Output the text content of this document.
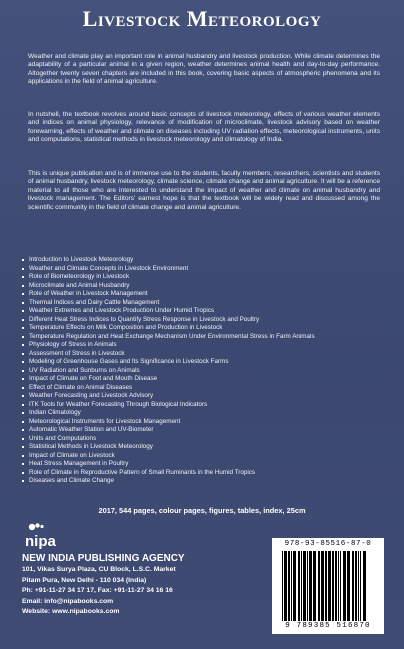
Livestock Meteorology

Weather and climate play an important role in animal husbandry and livestock production. While climate determines the adaptability of a particular animal in a given region, weather determines animal health and day-to-day performance. Altogether twenty seven chapters are included in this book, covering basic aspects of atmospheric phenomena and its applications in the field of animal agriculture.

In nutshell, the textbook revolves around basic concepts of livestock meteorology, effects of various weather elements and indices on animal physiology, relevance of modification of microclimate, livestock advisory based on weather forewarning, effects of weather and climate on diseases including UV radiation effects, meteorological instruments, units and computations, statistical methods in livestock meteorology and climatology of India.

This is unique publication and is of immense use to the students, faculty members, researchers, scientists and students of animal husbandry, livestock meteorology, climate science, climate change and animal agriculture. It will be a reference material to all those who are interested to understand the impact of weather and climate on animal husbandry and livestock management. The Editors' earnest hope is that the textbook will be widely read and discussed among the scientific community in the field of climate change and animal agriculture.

Introduction to Livestock Meteorology
Weather and Climate Concepts in Livestock Environment
Role of Biometeorology in Livestock
Microclimate and Animal Husbandry
Role of Weather in Livestock Management
Thermal Indices and Dairy Cattle Management
Weather Extremes and Livestock Production Under Humid Tropics
Different Heat Stress Indices to Quantify Stress Response in Livestock and Poultry
Temperature Effects on Milk Composition and Production in Livestock
Temperature Regulation and Heat Exchange Mechanism Under Environmental Stress in Farm Animals
Physiology of Stress in Animals
Assessment of Stress in Livestock
Modeling of Greenhouse Gases and Its Significance in Livestock Farms
UV Radiation and Sunburns on Animals
Impact of Climate on Foot and Mouth Disease
Effect of Climate on Animal Diseases
Weather Forecasting and Livestock Advisory
ITK Tools for Weather Forecasting Through Biological Indicators
Indian Climatology
Meteorological Instruments for Livestock Management
Automatic Weather Station and UV-Biometer
Units and Computations
Statistical Methods in Livestock Meteorology
Impact of Climate on Livestock
Heat Stress Management in Poultry
Role of Climate in Reproductive Pattern of Small Ruminants in the Humid Tropics
Diseases and Climate Change
2017, 544 pages, colour pages, figures, tables, index, 25cm
nipa
NEW INDIA PUBLISHING AGENCY
101, Vikas Surya Plaza, CU Block, L.S.C. Market
Pitam Pura, New Delhi - 110 034 (India)
Ph: +91-11-27 34 17 17, Fax: +91-11-27 34 16 16
Email: info@nipabooks.com
Website: www.nipabooks.com
978-93-85516-87-0
9 789385 516870
